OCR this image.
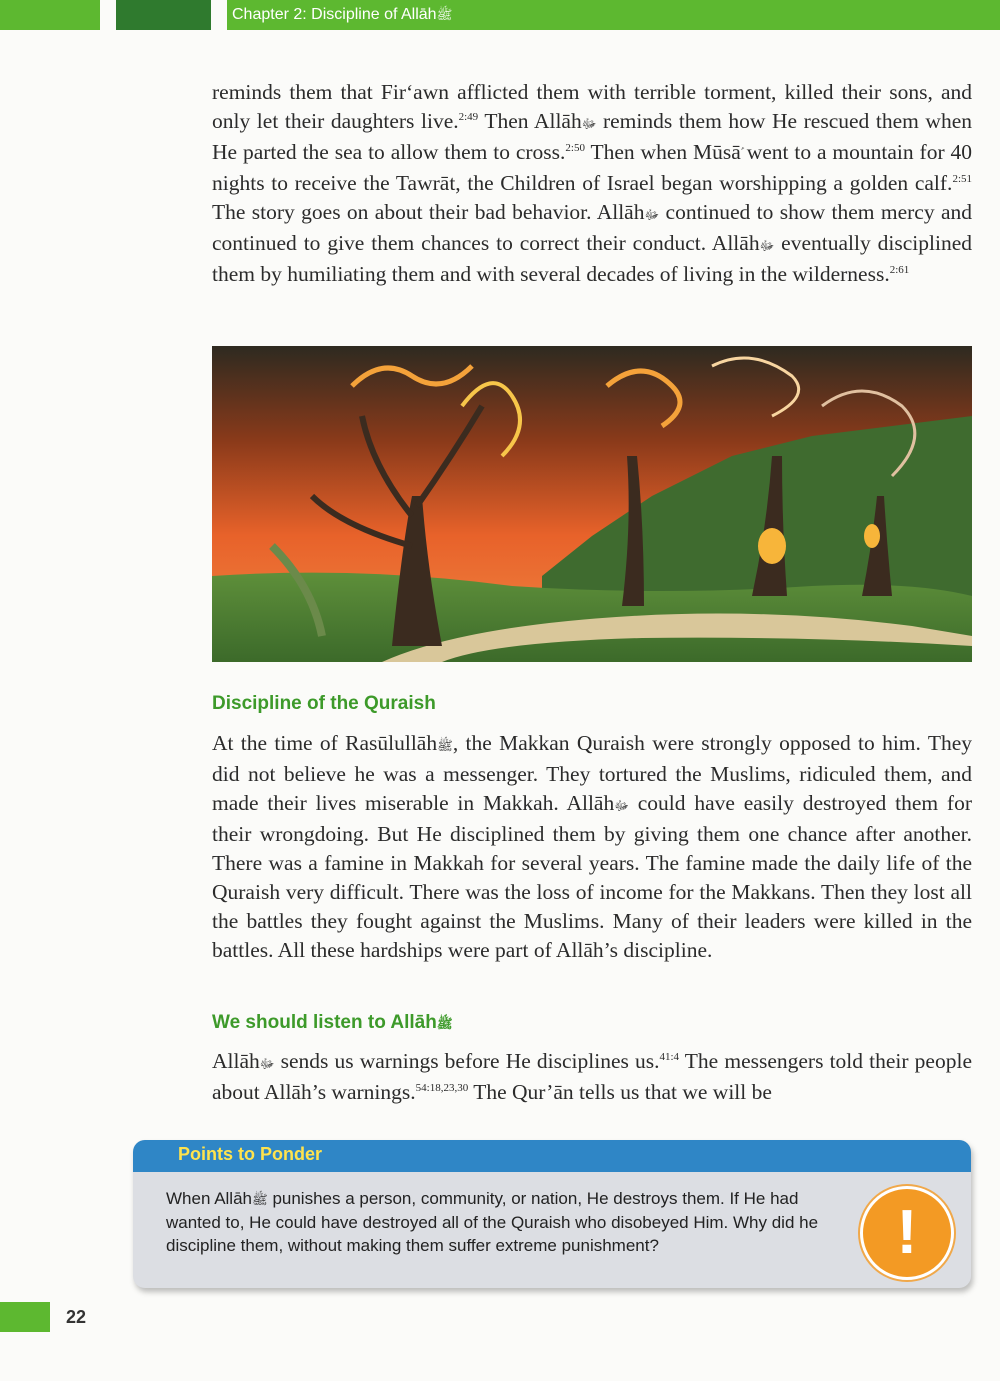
Chapter 2: Discipline of Allāhﷺ

reminds them that Fir‘awn afflicted them with terrible torment, killed their sons, and only let their daughters live.$^{2:49}$ Then Allāhﷻ reminds them how He rescued them when He parted the sea to allow them to cross.$^{2:50}$ Then when Mūsā went to a mountain for 40 nights to receive the Tawrāt, the Children of Israel began worshipping a golden calf.$^{2:51}$ The story goes on about their bad behavior. Allāhﷻ continued to show them mercy and continued to give them chances to correct their conduct. Allāhﷻ eventually disciplined them by humiliating them and with several decades of living in the wilderness.$^{2:61}$

Discipline of the Quraish

At the time of Rasūlullāhﷺ, the Makkan Quraish were strongly opposed to him. They did not believe he was a messenger. They tortured the Muslims, ridiculed them, and made their lives miserable in Makkah. Allāhﷻ could have easily destroyed them for their wrongdoing. But He disciplined them by giving them one chance after another. There was a famine in Makkah for several years. The famine made the daily life of the Quraish very difficult. There was the loss of income for the Makkans. Then they lost all the battles they fought against the Muslims. Many of their leaders were killed in the battles. All these hardships were part of Allāh’s discipline.

We should listen to Allāhﷺ

Allāhﷻ sends us warnings before He disciplines us.$^{41:4}$ The messengers told their people about Allāh’s warnings.$^{54:18,23,30}$ The Qur’ān tells us that we will be

Points to Ponder
When Allāhﷺ punishes a person, community, or nation, He destroys them. If He had wanted to, He could have destroyed all of the Quraish who disobeyed Him. Why did he discipline them, without making them suffer extreme punishment?	!
22
